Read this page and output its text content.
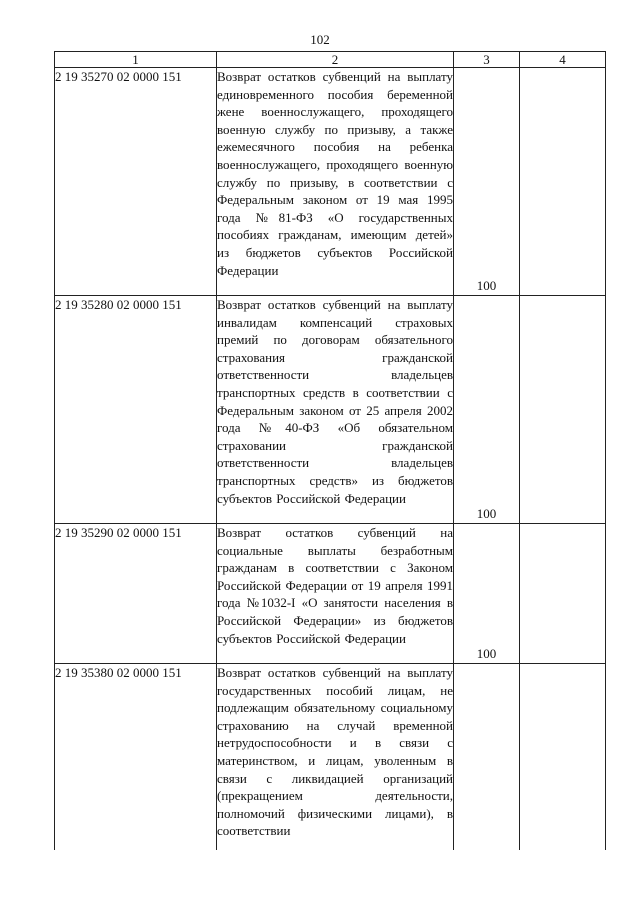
102
1	2	3	4
2 19 35270 02 0000 151	Возврат остатков субвенций на выплату единовременного пособия беременной жене военнослужащего, проходящего военную службу по призыву, а также ежемесячного пособия на ребенка военнослужащего, проходящего военную службу по призыву, в соответствии с Федеральным законом от 19 мая 1995 года №81-ФЗ «О государственных пособиях гражданам, имеющим детей» из бюджетов субъектов Российской Федерации	100	
2 19 35280 02 0000 151	Возврат остатков субвенций на выплату инвалидам компенсаций страховых премий по договорам обязательного страхования гражданской ответственности владельцев транспортных средств в соответствии с Федеральным законом от 25 апреля 2002 года №40-ФЗ «Об обязательном страховании гражданской ответственности владельцев транспортных средств» из бюджетов субъектов Российской Федерации	100	
2 19 35290 02 0000 151	Возврат остатков субвенций на социальные выплаты безработным гражданам в соответствии с Законом Российской Федерации от 19 апреля 1991 года №1032-I «О занятости населения в Российской Федерации» из бюджетов субъектов Российской Федерации	100	
2 19 35380 02 0000 151	Возврат остатков субвенций на выплату государственных пособий лицам, не подлежащим обязательному социальному страхованию на случай временной нетрудоспособности и в связи с материнством, и лицам, уволенным в связи с ликвидацией организаций (прекращением деятельности, полномочий физическими лицами), в соответствии		
